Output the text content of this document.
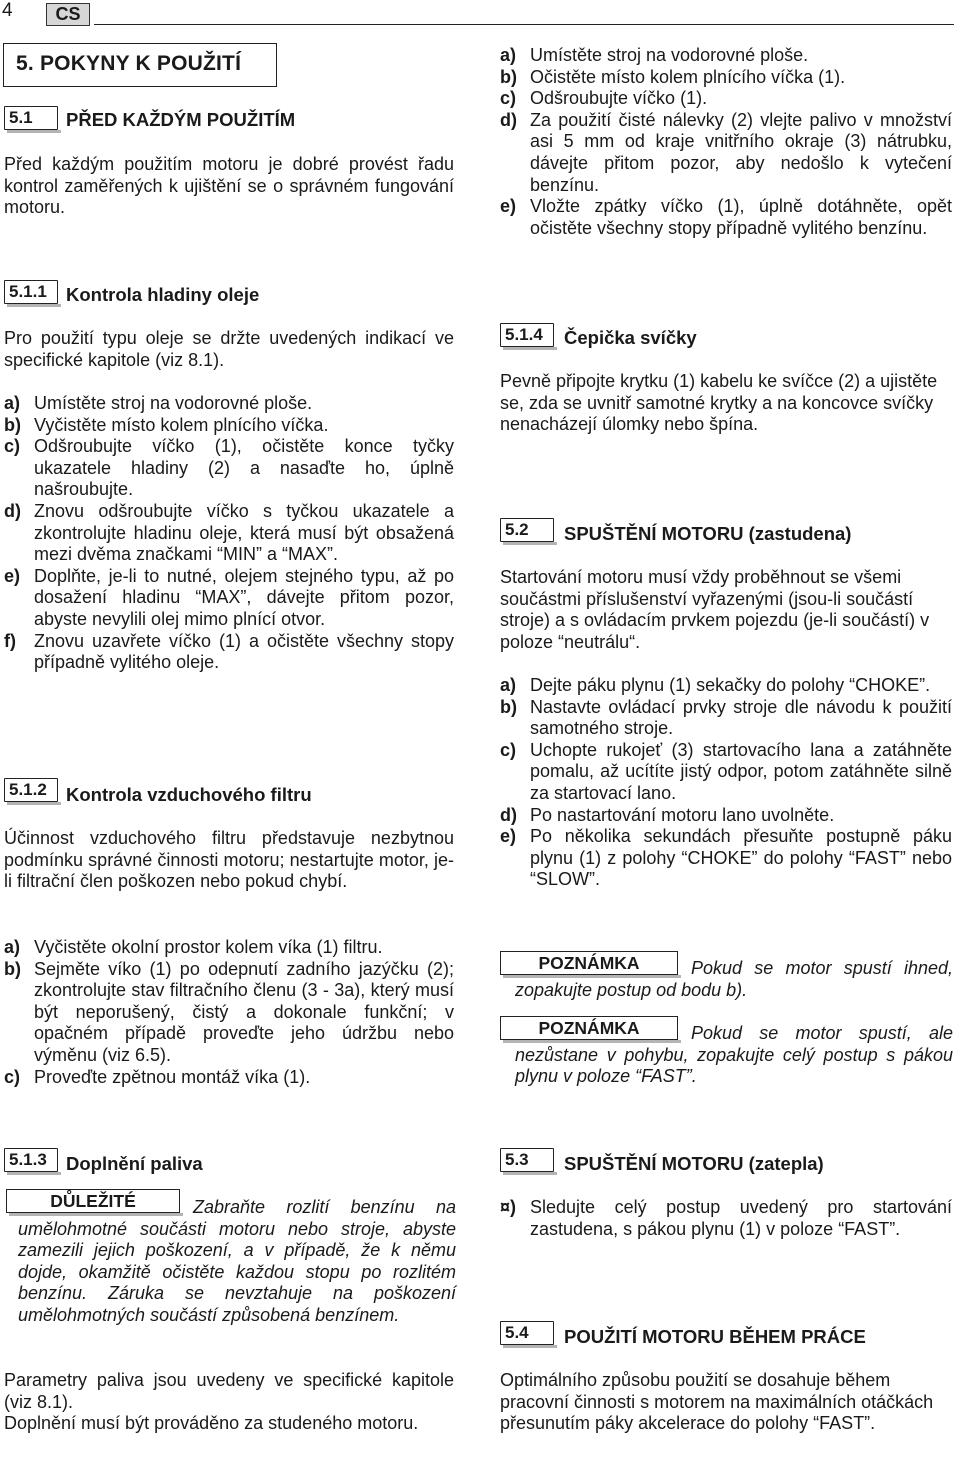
4	CS
5. POKYNY K POUŽITÍ
5.1	PŘED KAŽDÝM POUŽITÍM

Před každým použitím motoru je dobré provést řadu kontrol zaměřených k ujištění se o správném fungování motoru.

5.1.1	Kontrola hladiny oleje

Pro použití typu oleje se držte uvedených indikací ve specifické kapitole (viz 8.1).

a) Umístěte stroj na vodorovné ploše.
b) Vyčistěte místo kolem plnícího víčka.
c) Odšroubujte víčko (1), očistěte konce tyčky ukazatele hladiny (2) a nasaďte ho, úplně našroubujte.
d) Znovu odšroubujte víčko s tyčkou ukazatele a zkontrolujte hladinu oleje, která musí být obsažená mezi dvěma značkami “MIN” a “MAX”.
e) Doplňte, je-li to nutné, olejem stejného typu, až po dosažení hladinu “MAX”, dávejte přitom pozor, abyste nevylili olej mimo plnící otvor.
f) Znovu uzavřete víčko (1) a očistěte všechny stopy případně vylitého oleje.
5.1.2	Kontrola vzduchového filtru

Účinnost vzduchového filtru představuje nezbytnou podmínku správné činnosti motoru; nestartujte motor, je-li filtrační člen poškozen nebo pokud chybí.

a) Vyčistěte okolní prostor kolem víka (1) filtru.
b) Sejměte víko (1) po odepnutí zadního jazýčku (2); zkontrolujte stav filtračního členu (3 - 3a), který musí být neporušený, čistý a dokonale funkční; v opačném případě proveďte jeho údržbu nebo výměnu (viz 6.5).
c) Proveďte zpětnou montáž víka (1).
5.1.3	Doplnění paliva
DŮLEŽITÉ	Zabraňte rozlití benzínu na umělohmotné součásti motoru nebo stroje, abyste zamezili jejich poškození, a v případě, že k němu dojde, okamžitě očistěte každou stopu po rozlitém benzínu. Záruka se nevztahuje na poškození umělohmotných součástí způsobená benzínem.

Parametry paliva jsou uvedeny ve specifické kapitole (viz 8.1).

Doplnění musí být prováděno za studeného motoru.

a) Umístěte stroj na vodorovné ploše.
b) Očistěte místo kolem plnícího víčka (1).
c) Odšroubujte víčko (1).
d) Za použití čisté nálevky (2) vlejte palivo v množství asi 5 mm od kraje vnitřního okraje (3) nátrubku, dávejte přitom pozor, aby nedošlo k vytečení benzínu.
e) Vložte zpátky víčko (1), úplně dotáhněte, opět očistěte všechny stopy případně vylitého benzínu.
5.1.4	Čepička svíčky

Pevně připojte krytku (1) kabelu ke svíčce (2) a ujistěte se, zda se uvnitř samotné krytky a na koncovce svíčky nenacházejí úlomky nebo špína.

5.2	SPUŠTĚNÍ MOTORU (zastudena)

Startování motoru musí vždy proběhnout se všemi součástmi příslušenství vyřazenými (jsou-li součástí stroje) a s ovládacím prvkem pojezdu (je-li součástí) v poloze “neutrálu“.

a) Dejte páku plynu (1) sekačky do polohy “CHOKE”.
b) Nastavte ovládací prvky stroje dle návodu k použití samotného stroje.
c) Uchopte rukojeť (3) startovacího lana a zatáhněte pomalu, až ucítíte jistý odpor, potom zatáhněte silně za startovací lano.
d) Po nastartování motoru lano uvolněte.
e) Po několika sekundách přesuňte postupně páku plynu (1) z polohy “CHOKE” do polohy “FAST” nebo “SLOW”.
POZNÁMKA	Pokud se motor spustí ihned, zopakujte postup od bodu b).

POZNÁMKA	Pokud se motor spustí, ale nezůstane v pohybu, zopakujte celý postup s pákou plynu v poloze “FAST”.

5.3	SPUŠTĚNÍ MOTORU (zatepla)
¤) Sledujte celý postup uvedený pro startování zastudena, s pákou plynu (1) v poloze “FAST”.
5.4	POUŽITÍ MOTORU BĚHEM PRÁCE

Optimálního způsobu použití se dosahuje během pracovní činnosti s motorem na maximálních otáčkách přesunutím páky akcelerace do polohy “FAST”.
